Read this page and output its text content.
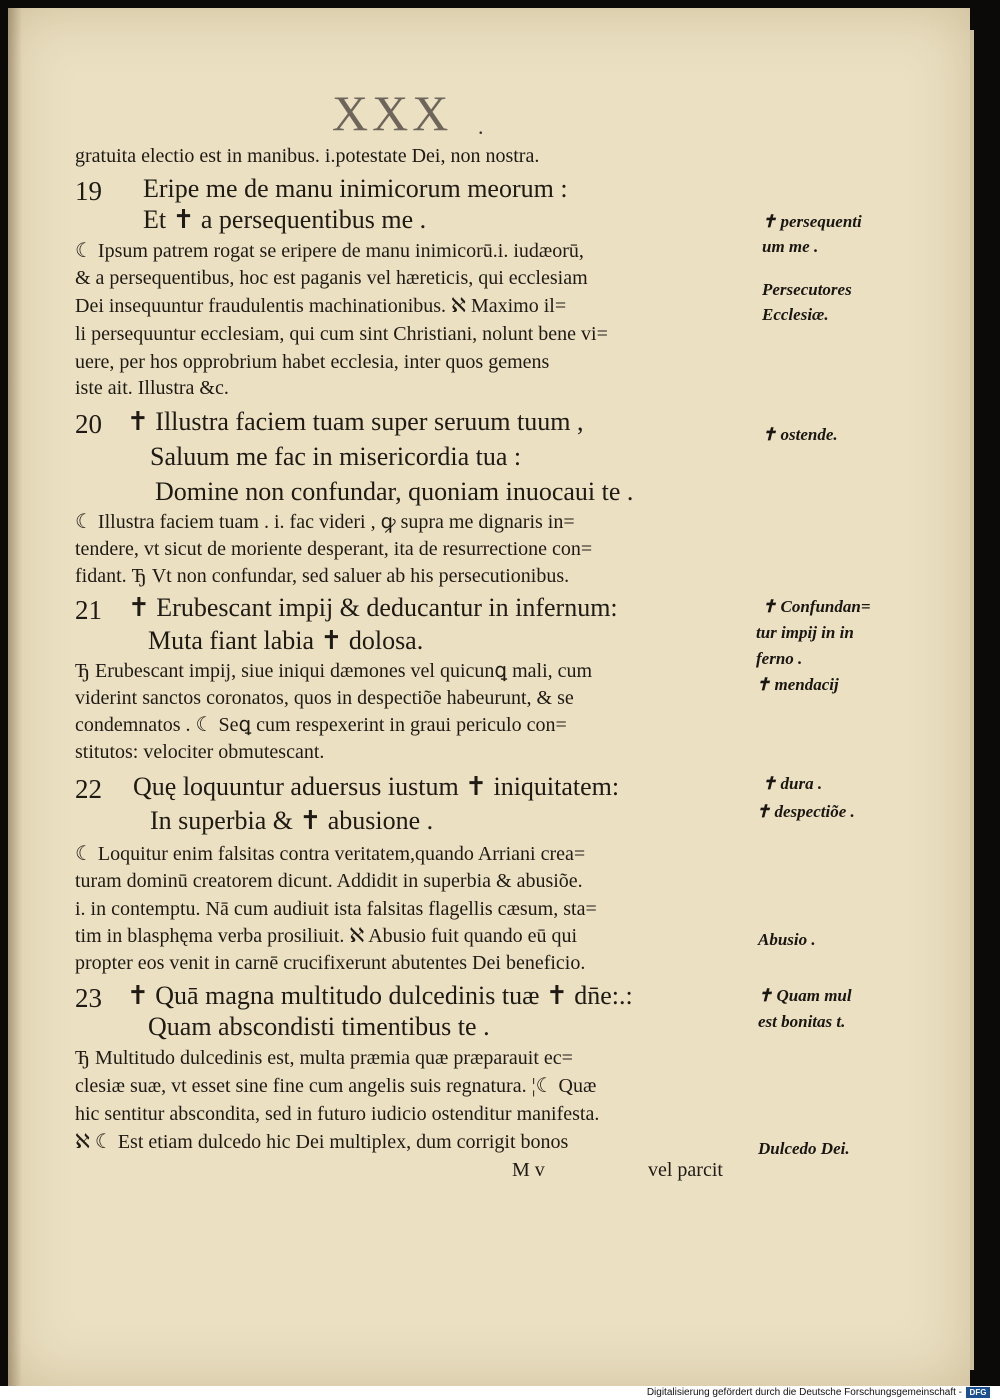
XXX .
gratuita electio est in manibus. i.potestate Dei, non nostra.
19 Eripe me de manu inimicorum meorum :
Et ✝ a persequentibus me .
☾ Ipsum patrem rogat se eripere de manu inimicorū.i. iudæorū,
& a persequentibus, hoc est paganis vel hæreticis, qui ecclesiam
Dei insequuntur fraudulentis machinationibus. ℵ Maximo il=
li persequuntur ecclesiam, qui cum sint Christiani, nolunt bene vi=
uere, per hos opprobrium habet ecclesia, inter quos gemens
iste ait. Illustra &c.
20 ✝ Illustra faciem tuam super seruum tuum ,
Saluum me fac in misericordia tua :
Domine non confundar, quoniam inuocaui te .
☾ Illustra faciem tuam . i. fac videri , ꝙ supra me dignaris in=
tendere, vt sicut de moriente desperant, ita de resurrectione con=
fidant. Ђ Vt non confundar, sed saluer ab his persecutionibus.
21 ✝ Erubescant impij & deducantur in infernum:
Muta fiant labia ✝ dolosa.
Ђ Erubescant impij, siue iniqui dæmones vel quicunꝗ mali, cum
viderint sanctos coronatos, quos in despectiõe habeurunt, & se
condemnatos . ☾ Seꝗ cum respexerint in graui periculo con=
stitutos: velociter obmutescant.
22 Quę loquuntur aduersus iustum ✝ iniquitatem:
In superbia & ✝ abusione .
☾ Loquitur enim falsitas contra veritatem,quando Arriani crea=
turam dominū creatorem dicunt. Addidit in superbia & abusiõe.
i. in contemptu. Nā cum audiuit ista falsitas flagellis cæsum, sta=
tim in blasphęma verba prosiliuit. ℵ Abusio fuit quando eū qui
propter eos venit in carnē crucifixerunt abutentes Dei beneficio.
23 ✝ Quā magna multitudo dulcedinis tuæ ✝ dn̄e:.:
Quam abscondisti timentibus te .
Ђ Multitudo dulcedinis est, multa præmia quæ præparauit ec=
clesiæ suæ, vt esset sine fine cum angelis suis regnatura. ¦☾ Quæ
hic sentitur abscondita, sed in futuro iudicio ostenditur manifesta.
ℵ ☾ Est etiam dulcedo hic Dei multiplex, dum corrigit bonos
M v	vel parcit
✝ persequenti
um me .
Persecutores
Ecclesiæ.
✝ ostende.
✝ Confundan=
tur impij in in
ferno .
✝ mendacij
✝ dura .
✝ despectiõe .
Abusio .
✝ Quam mul
est bonitas t.
Dulcedo Dei.
Digitalisierung gefördert durch die Deutsche Forschungsgemeinschaft - DFG
